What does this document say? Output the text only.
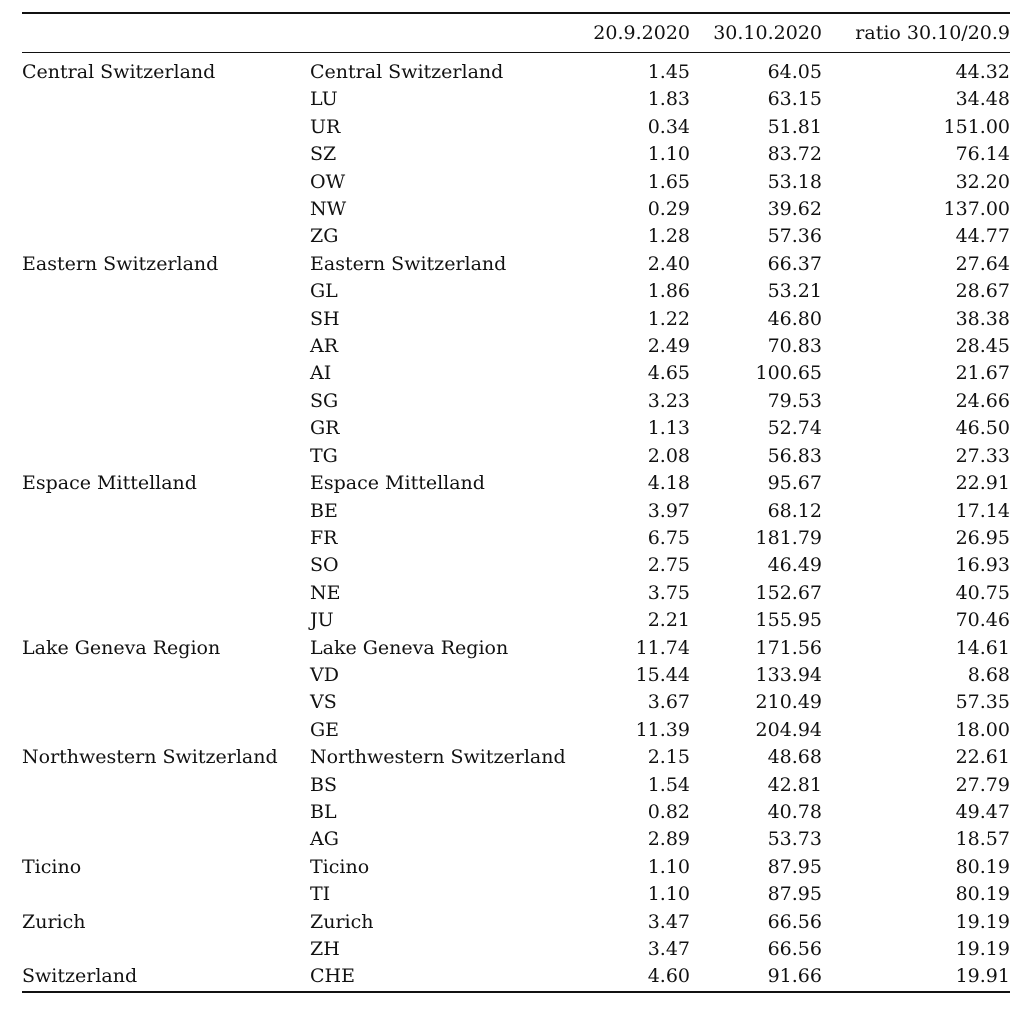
		20.9.2020	30.10.2020	ratio 30.10/20.9
Central Switzerland	Central Switzerland	1.45	64.05	44.32
	LU	1.83	63.15	34.48
	UR	0.34	51.81	151.00
	SZ	1.10	83.72	76.14
	OW	1.65	53.18	32.20
	NW	0.29	39.62	137.00
	ZG	1.28	57.36	44.77
Eastern Switzerland	Eastern Switzerland	2.40	66.37	27.64
	GL	1.86	53.21	28.67
	SH	1.22	46.80	38.38
	AR	2.49	70.83	28.45
	AI	4.65	100.65	21.67
	SG	3.23	79.53	24.66
	GR	1.13	52.74	46.50
	TG	2.08	56.83	27.33
Espace Mittelland	Espace Mittelland	4.18	95.67	22.91
	BE	3.97	68.12	17.14
	FR	6.75	181.79	26.95
	SO	2.75	46.49	16.93
	NE	3.75	152.67	40.75
	JU	2.21	155.95	70.46
Lake Geneva Region	Lake Geneva Region	11.74	171.56	14.61
	VD	15.44	133.94	8.68
	VS	3.67	210.49	57.35
	GE	11.39	204.94	18.00
Northwestern Switzerland	Northwestern Switzerland	2.15	48.68	22.61
	BS	1.54	42.81	27.79
	BL	0.82	40.78	49.47
	AG	2.89	53.73	18.57
Ticino	Ticino	1.10	87.95	80.19
	TI	1.10	87.95	80.19
Zurich	Zurich	3.47	66.56	19.19
	ZH	3.47	66.56	19.19
Switzerland	CHE	4.60	91.66	19.91
